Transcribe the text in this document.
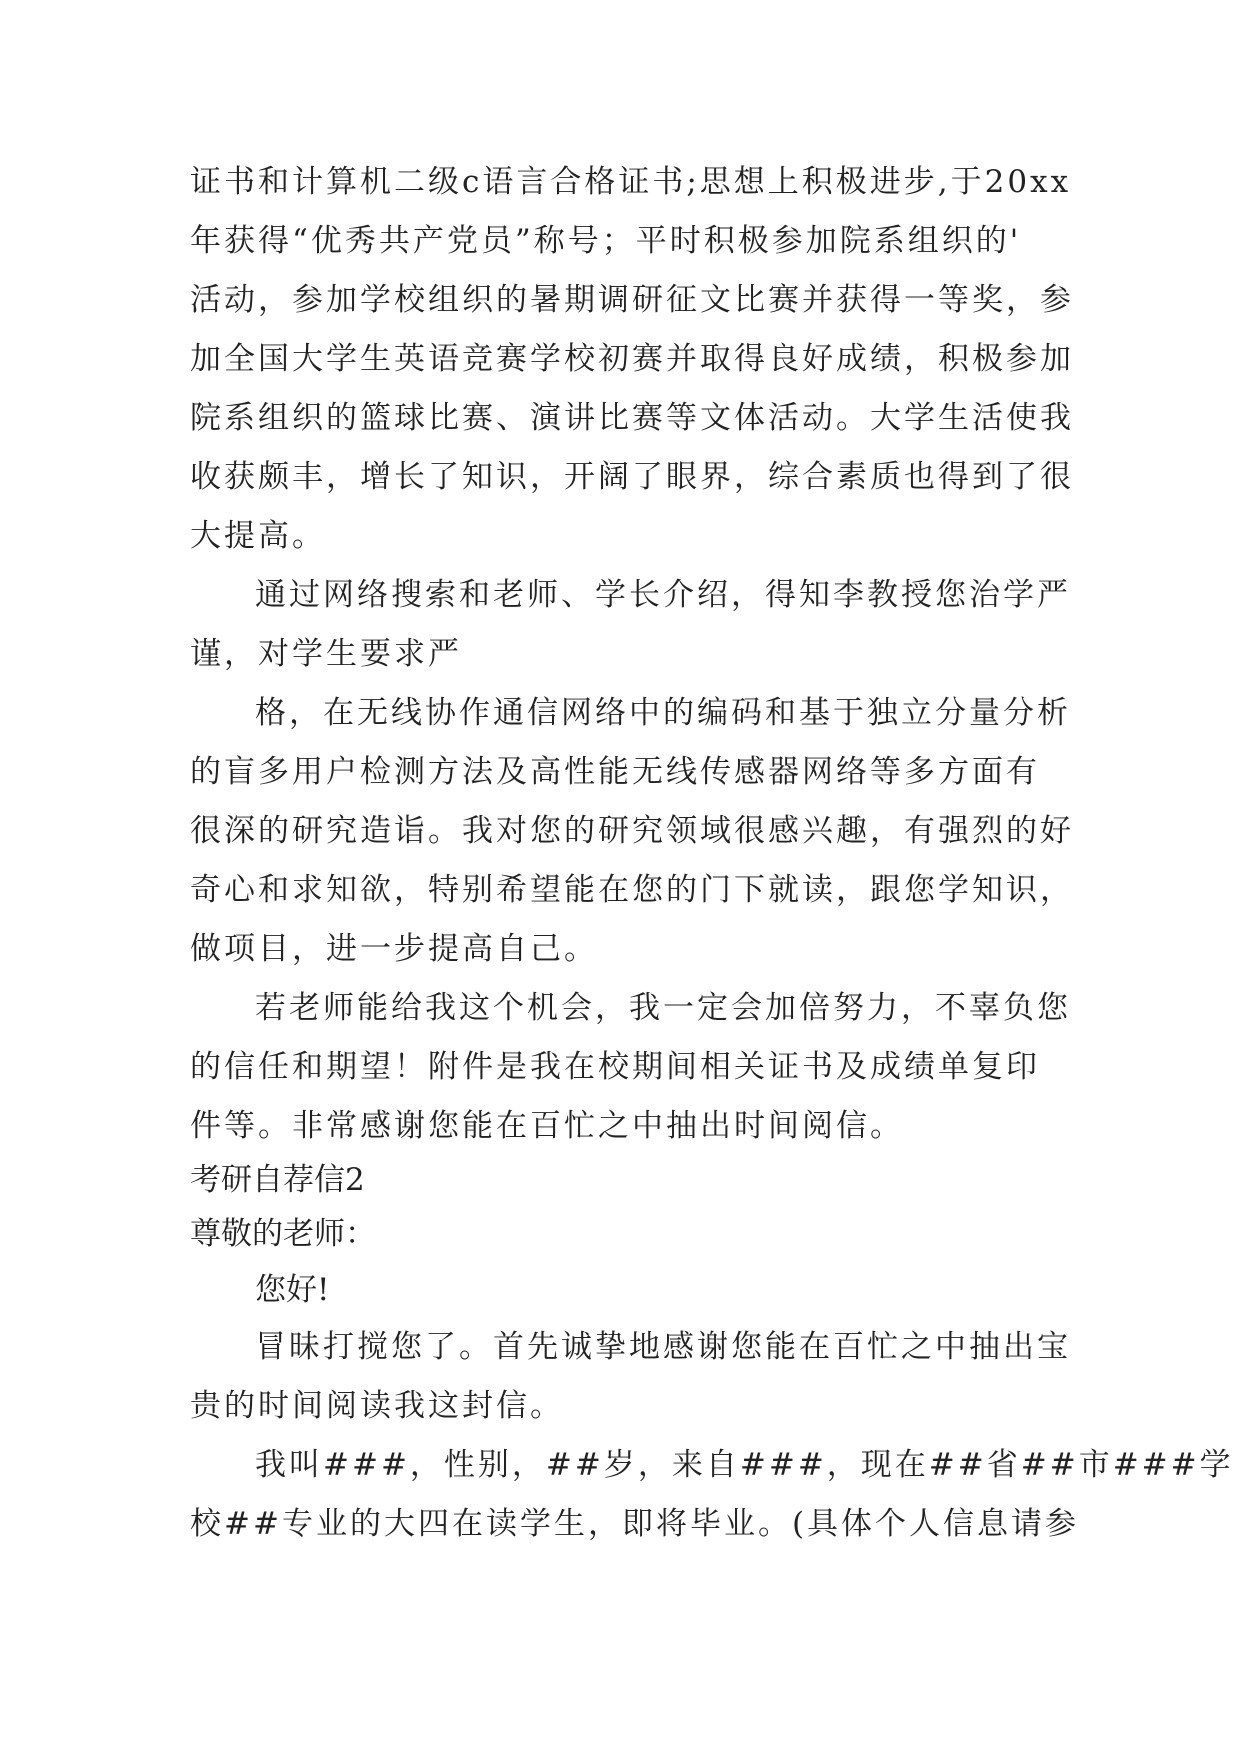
证书和计算机二级c语言合格证书;思想上积极进步,于20xx
年获得“优秀共产党员”称号；平时积极参加院系组织的'
活动，参加学校组织的暑期调研征文比赛并获得一等奖，参
加全国大学生英语竞赛学校初赛并取得良好成绩，积极参加
院系组织的篮球比赛、演讲比赛等文体活动。大学生活使我
收获颇丰，增长了知识，开阔了眼界，综合素质也得到了很
大提高。
通过网络搜索和老师、学长介绍，得知李教授您治学严
谨，对学生要求严
格，在无线协作通信网络中的编码和基于独立分量分析
的盲多用户检测方法及高性能无线传感器网络等多方面有
很深的研究造诣。我对您的研究领域很感兴趣，有强烈的好
奇心和求知欲，特别希望能在您的门下就读，跟您学知识，
做项目，进一步提高自己。
若老师能给我这个机会，我一定会加倍努力，不辜负您
的信任和期望！附件是我在校期间相关证书及成绩单复印
件等。非常感谢您能在百忙之中抽出时间阅信。
考研自荐信2
尊敬的老师：
您好!
冒昧打搅您了。首先诚挚地感谢您能在百忙之中抽出宝
贵的时间阅读我这封信。
我叫###，性别，##岁，来自###，现在##省##市###学
校##专业的大四在读学生，即将毕业。(具体个人信息请参
